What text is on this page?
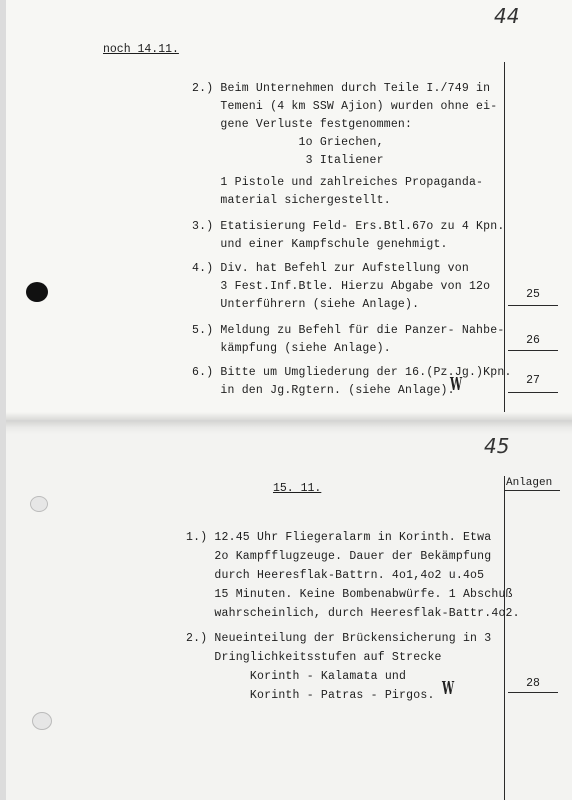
44
noch 14.11.
2.) Beim Unternehmen durch Teile I./749 in
Temeni (4 km SSW Ajion) wurden ohne ei-
gene Verluste festgenommen:
1o Griechen,
3 Italiener
1 Pistole und zahlreiches Propaganda-
material sichergestellt.
3.) Etatisierung Feld- Ers.Btl.67o zu 4 Kpn.
und einer Kampfschule genehmigt.
4.) Div. hat Befehl zur Aufstellung von
3 Fest.Inf.Btle. Hierzu Abgabe von 12o
Unterführern (siehe Anlage).
25
5.) Meldung zu Befehl für die Panzer- Nahbe-
kämpfung (siehe Anlage).
26
6.) Bitte um Umgliederung der 16.(Pz.Jg.)Kpn.
in den Jg.Rgtern. (siehe Anlage).
27
W
45
15. 11.	Anlagen
1.) 12.45 Uhr Fliegeralarm in Korinth. Etwa
2o Kampfflugzeuge. Dauer der Bekämpfung
durch Heeresflak-Battrn. 4o1,4o2 u.4o5
15 Minuten. Keine Bombenabwürfe. 1 Abschuß
wahrscheinlich, durch Heeresflak-Battr.4o2.
2.) Neueinteilung der Brückensicherung in 3
Dringlichkeitsstufen auf Strecke
Korinth - Kalamata und
Korinth - Patras - Pirgos.
28
W
